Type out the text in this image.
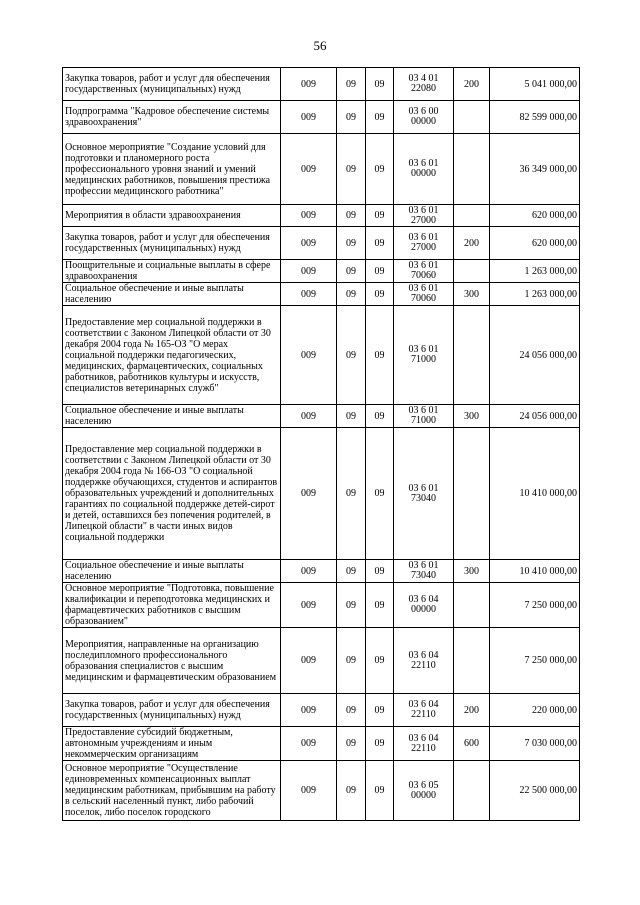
56
Закупка товаров, работ и услуг для обеспечения государственных (муниципальных) нужд	009	09	09	03 4 01
22080	200	5 041 000,00
Подпрограмма "Кадровое обеспечение системы здравоохранения"	009	09	09	03 6 00
00000		82 599 000,00
Основное мероприятие "Создание условий для подготовки и планомерного роста профессионального уровня знаний и умений медицинских работников, повышения престижа профессии медицинского работника"	009	09	09	03 6 01
00000		36 349 000,00
Мероприятия в области здравоохранения	009	09	09	03 6 01
27000		620 000,00
Закупка товаров, работ и услуг для обеспечения государственных (муниципальных) нужд	009	09	09	03 6 01
27000	200	620 000,00
Поощрительные и социальные выплаты в сфере здравоохранения	009	09	09	03 6 01
70060		1 263 000,00
Социальное обеспечение и иные выплаты населению	009	09	09	03 6 01
70060	300	1 263 000,00
Предоставление мер социальной поддержки в соответствии с Законом Липецкой области от 30 декабря 2004 года № 165-ОЗ "О мерах социальной поддержки педагогических, медицинских, фармацевтических, социальных работников, работников культуры и искусств, специалистов ветеринарных служб"	009	09	09	03 6 01
71000		24 056 000,00
Социальное обеспечение и иные выплаты населению	009	09	09	03 6 01
71000	300	24 056 000,00
Предоставление мер социальной поддержки в соответствии с Законом Липецкой области от 30 декабря 2004 года № 166-ОЗ "О социальной поддержке обучающихся, студентов и аспирантов образовательных учреждений и дополнительных гарантиях по социальной поддержке детей-сирот и детей, оставшихся без попечения родителей, в Липецкой области" в части иных видов социальной поддержки	009	09	09	03 6 01
73040		10 410 000,00
Социальное обеспечение и иные выплаты населению	009	09	09	03 6 01
73040	300	10 410 000,00
Основное мероприятие "Подготовка, повышение квалификации и переподготовка медицинских и фармацевтических работников с высшим образованием"	009	09	09	03 6 04
00000		7 250 000,00
Мероприятия, направленные на организацию последипломного профессионального образования специалистов с высшим медицинским и фармацевтическим образованием	009	09	09	03 6 04
22110		7 250 000,00
Закупка товаров, работ и услуг для обеспечения государственных (муниципальных) нужд	009	09	09	03 6 04
22110	200	220 000,00
Предоставление субсидий бюджетным, автономным учреждениям и иным некоммерческим организациям	009	09	09	03 6 04
22110	600	7 030 000,00
Основное мероприятие "Осуществление единовременных компенсационных выплат медицинским работникам, прибывшим на работу в сельский населенный пункт, либо рабочий поселок, либо поселок городского	009	09	09	03 6 05
00000		22 500 000,00
